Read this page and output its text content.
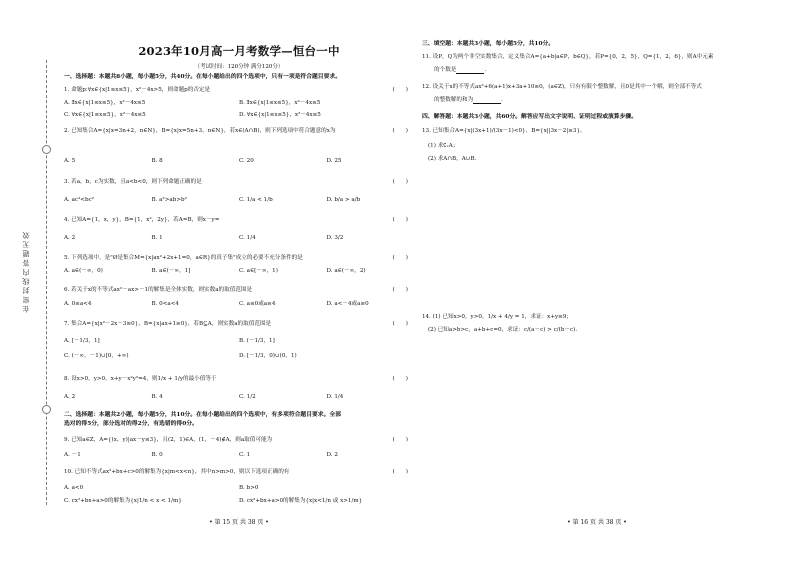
在 密 封 线 内 答 题 无 效
2023年10月高一月考数学—恒台一中
（考试时间：120分钟 满分120分）
一、选择题：本题共8小题，每小题5分，共40分。在每小题给出的四个选项中，只有一项是符合题目要求。
1. 命题p:∀x∈{x|1≤x≤5}，x²－4x>5，则命题p的否定是	(　　)
A. ∃x∈{x|1≤x≤5}，x²－4x≤5	B. ∃x∈{x|1≤x≤5}，x²－4x≤5
C. ∀x∈{x|1≤x≤5}，x²－4x≤5	D. ∀x∈{x|1≤x≤5}，x²－4x≤5
2. 已知集合A={x|x=3n+2，n∈N}，B={x|x=5n+3，n∈N}，若x∈(A∩B)，则下列选项中符合题意的x为	(　　)
A. 5	B. 8	C. 20	D. 25
3. 若a，b，c为实数，且a<b<0，则下列命题正确的是	(　　)
A. ac²<bc²	B. a²>ab>b²	C. 1/a < 1/b	D. b/a > a/b
4. 已知A={1，x，y}，B={1，x²，2y}，若A=B，则x－y=	(　　)
A. 2	B. 1	C. 1/4	D. 3/2
5. 下列选项中，是"Ø是集合M={x|ax²+2x+1=0，a∈R}的真子集"成立的必要不充分条件的是	(　　)
A. a∈(－∞，0)	B. a∈(－∞，1]	C. a∈[－∞，1)	D. a∈(－∞，2)
6. 若关于x的不等式ax²－ax>－1的解集是全体实数，则实数a的取值范围是	(　　)
A. 0≤a<4	B. 0<a<4	C. a≤0或a≥4	D. a<－4或a≥0
7. 集合A={x|x²－2x－3≥0}，B={x|ax+1≥0}，若B⊆A，则实数a的取值范围是	(　　)
A. [－1/3，1]	B. (－1/3，1]
C. (－∞，－1)∪[0，+∞)	D. [－1/3，0)∪(0，1)
8. 设x>0，y>0，x+y－x²y²=4，则1/x + 1/y的最小值等于	(　　)
A. 2	B. 4	C. 1/2	D. 1/4
二、选择题：本题共2小题，每小题5分，共10分。在每小题给出的四个选项中，有多项符合题目要求。全部
选对的得5分，部分选对的得2分，有选错的得0分。
9. 已知a∈Z，A={(x，y)|ax－y≤3}，且(2，1)∈A，(1，－4)∉A，则a取值可能为	(　　)
A. －1	B. 0	C. 1	D. 2
10. 已知不等式ax²+bx+c>0的解集为{x|m<x<n}，其中n>m>0，则以下选项正确的有	(　　)
A. a<0	B. b>0
C. cx²+bx+a>0的解集为{x|1/n < x < 1/m}	D. cx²+bx+a>0的解集为{x|x<1/n 或 x>1/m}
• 第 15 页 共 38 页 •
三、填空题：本题共3小题，每小题5分，共10分。
11. 设P，Q为两个非空实数集合，定义集合A={a+b|a∈P，b∈Q}，若P={0，2，5}，Q={1，2，6}，则A中元素
的个数是	.
12. 设关于x的不等式ax²+6(a+1)x+3a+10≥0，(a∈Z)，只有有限个整数解，且0是其中一个解，则全部不等式
的整数解的和为	.
四、解答题：本题共3小题，共60分。解答应写出文字说明、证明过程或演算步骤。
13. 已知集合A={x|(3x+1)/(3x－1)<0}，B={x||3x－2|≥3}。
(1) 求∁ᵣA；
(2) 求A∩B，A∪B.
14. (1) 已知x>0，y>0，1/x + 4/y = 1，求证：x+y≥9；
(2) 已知a>b>c，a+b+c=0，求证：c/(a－c) > c/(b－c).
• 第 16 页 共 38 页 •
